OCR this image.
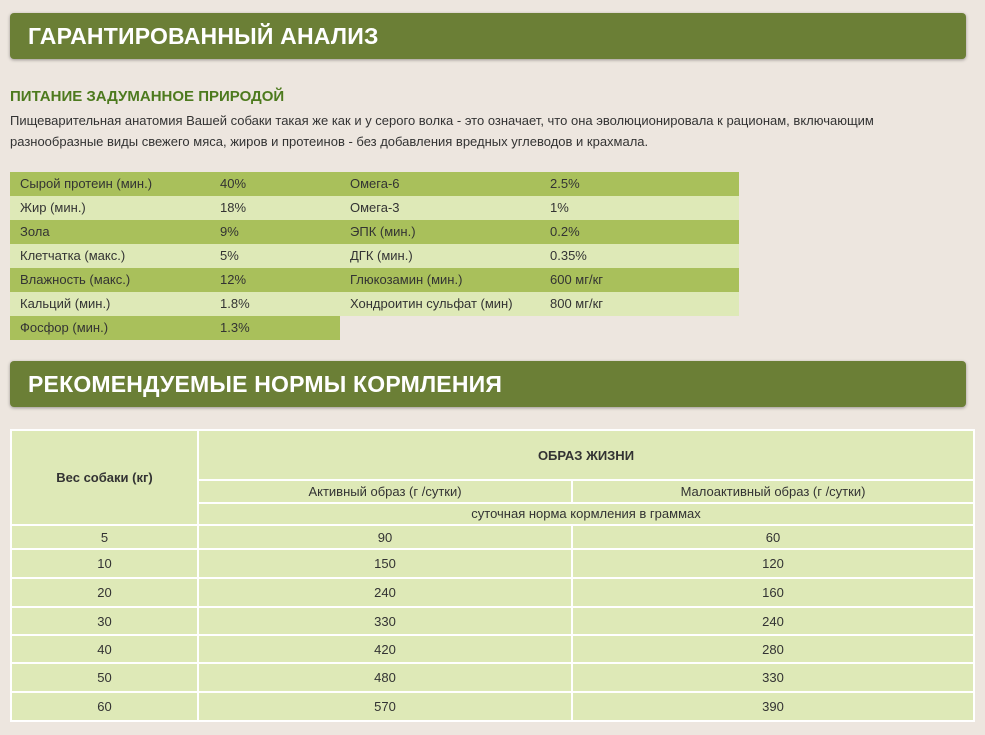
ГАРАНТИРОВАННЫЙ АНАЛИЗ
ПИТАНИЕ ЗАДУМАННОЕ ПРИРОДОЙ
Пищеварительная анатомия Вашей собаки такая же как и у серого волка - это означает, что она эволюционировала к рационам, включающим разнообразные виды свежего мяса, жиров и протеинов - без добавления вредных углеводов и крахмала.
Сырой протеин (мин.)	40%	Омега-6	2.5%
Жир (мин.)	18%	Омега-3	1%
Зола	9%	ЭПК (мин.)	0.2%
Клетчатка (макс.)	5%	ДГК (мин.)	0.35%
Влажность (макс.)	12%	Глюкозамин (мин.)	600 мг/кг
Кальций (мин.)	1.8%	Хондроитин сульфат (мин)	800 мг/кг
Фосфор (мин.)	1.3%
РЕКОМЕНДУЕМЫЕ НОРМЫ КОРМЛЕНИЯ
Вес собаки (кг)	ОБРАЗ ЖИЗНИ	
	Активный образ (г /сутки)	Малоактивный образ (г /сутки)
	суточная норма кормления в граммах	
5	90	60
10	150	120
20	240	160
30	330	240
40	420	280
50	480	330
60	570	390
